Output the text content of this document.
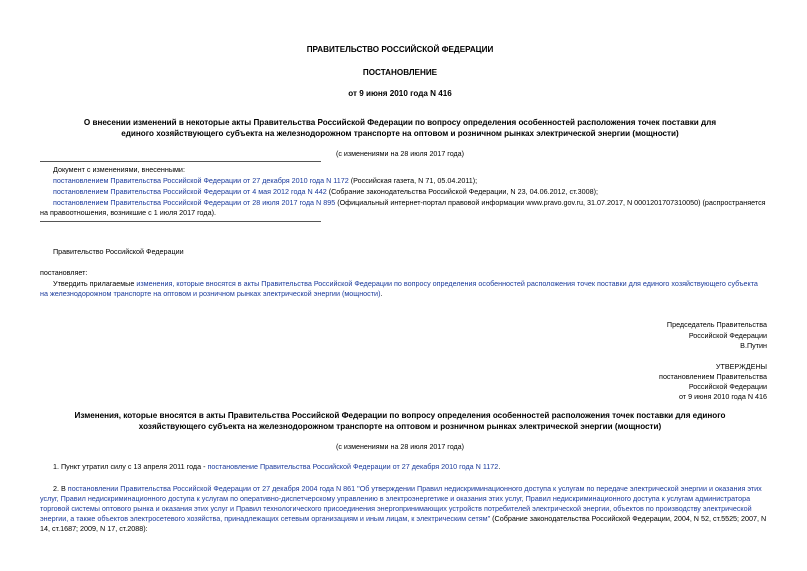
ПРАВИТЕЛЬСТВО РОССИЙСКОЙ ФЕДЕРАЦИИ
ПОСТАНОВЛЕНИЕ
от 9 июня 2010 года N 416
О внесении изменений в некоторые акты Правительства Российской Федерации по вопросу определения особенностей расположения точек поставки для
единого хозяйствующего субъекта на железнодорожном транспорте на оптовом и розничном рынках электрической энергии (мощности)
(с изменениями на 28 июля 2017 года)
Документ с изменениями, внесенными:
постановлением Правительства Российской Федерации от 27 декабря 2010 года N 1172 (Российская газета, N 71, 05.04.2011);
постановлением Правительства Российской Федерации от 4 мая 2012 года N 442 (Собрание законодательства Российской Федерации, N 23, 04.06.2012, ст.3008);
постановлением Правительства Российской Федерации от 28 июля 2017 года N 895 (Официальный интернет-портал правовой информации www.pravo.gov.ru, 31.07.2017, N 0001201707310050) (распространяется
на правоотношения, возникшие с 1 июля 2017 года).
Правительство Российской Федерации
постановляет:
Утвердить прилагаемые изменения, которые вносятся в акты Правительства Российской Федерации по вопросу определения особенностей расположения точек поставки для единого хозяйствующего субъекта
на железнодорожном транспорте на оптовом и розничном рынках электрической энергии (мощности).
Председатель Правительства
Российской Федерации
В.Путин
УТВЕРЖДЕНЫ
постановлением Правительства
Российской Федерации
от 9 июня 2010 года N 416
Изменения, которые вносятся в акты Правительства Российской Федерации по вопросу определения особенностей расположения точек поставки для единого
хозяйствующего субъекта на железнодорожном транспорте на оптовом и розничном рынках электрической энергии (мощности)
(с изменениями на 28 июля 2017 года)
1. Пункт утратил силу с 13 апреля 2011 года - постановление Правительства Российской Федерации от 27 декабря 2010 года N 1172.
2. В постановлении Правительства Российской Федерации от 27 декабря 2004 года N 861 "Об утверждении Правил недискриминационного доступа к услугам по передаче электрической энергии и оказания этих
услуг, Правил недискриминационного доступа к услугам по оперативно-диспетчерскому управлению в электроэнергетике и оказания этих услуг, Правил недискриминационного доступа к услугам администратора
торговой системы оптового рынка и оказания этих услуг и Правил технологического присоединения энергопринимающих устройств потребителей электрической энергии, объектов по производству электрической
энергии, а также объектов электросетевого хозяйства, принадлежащих сетевым организациям и иным лицам, к электрическим сетям" (Собрание законодательства Российской Федерации, 2004, N 52, ст.5525; 2007, N
14, ст.1687; 2009, N 17, ст.2088):
